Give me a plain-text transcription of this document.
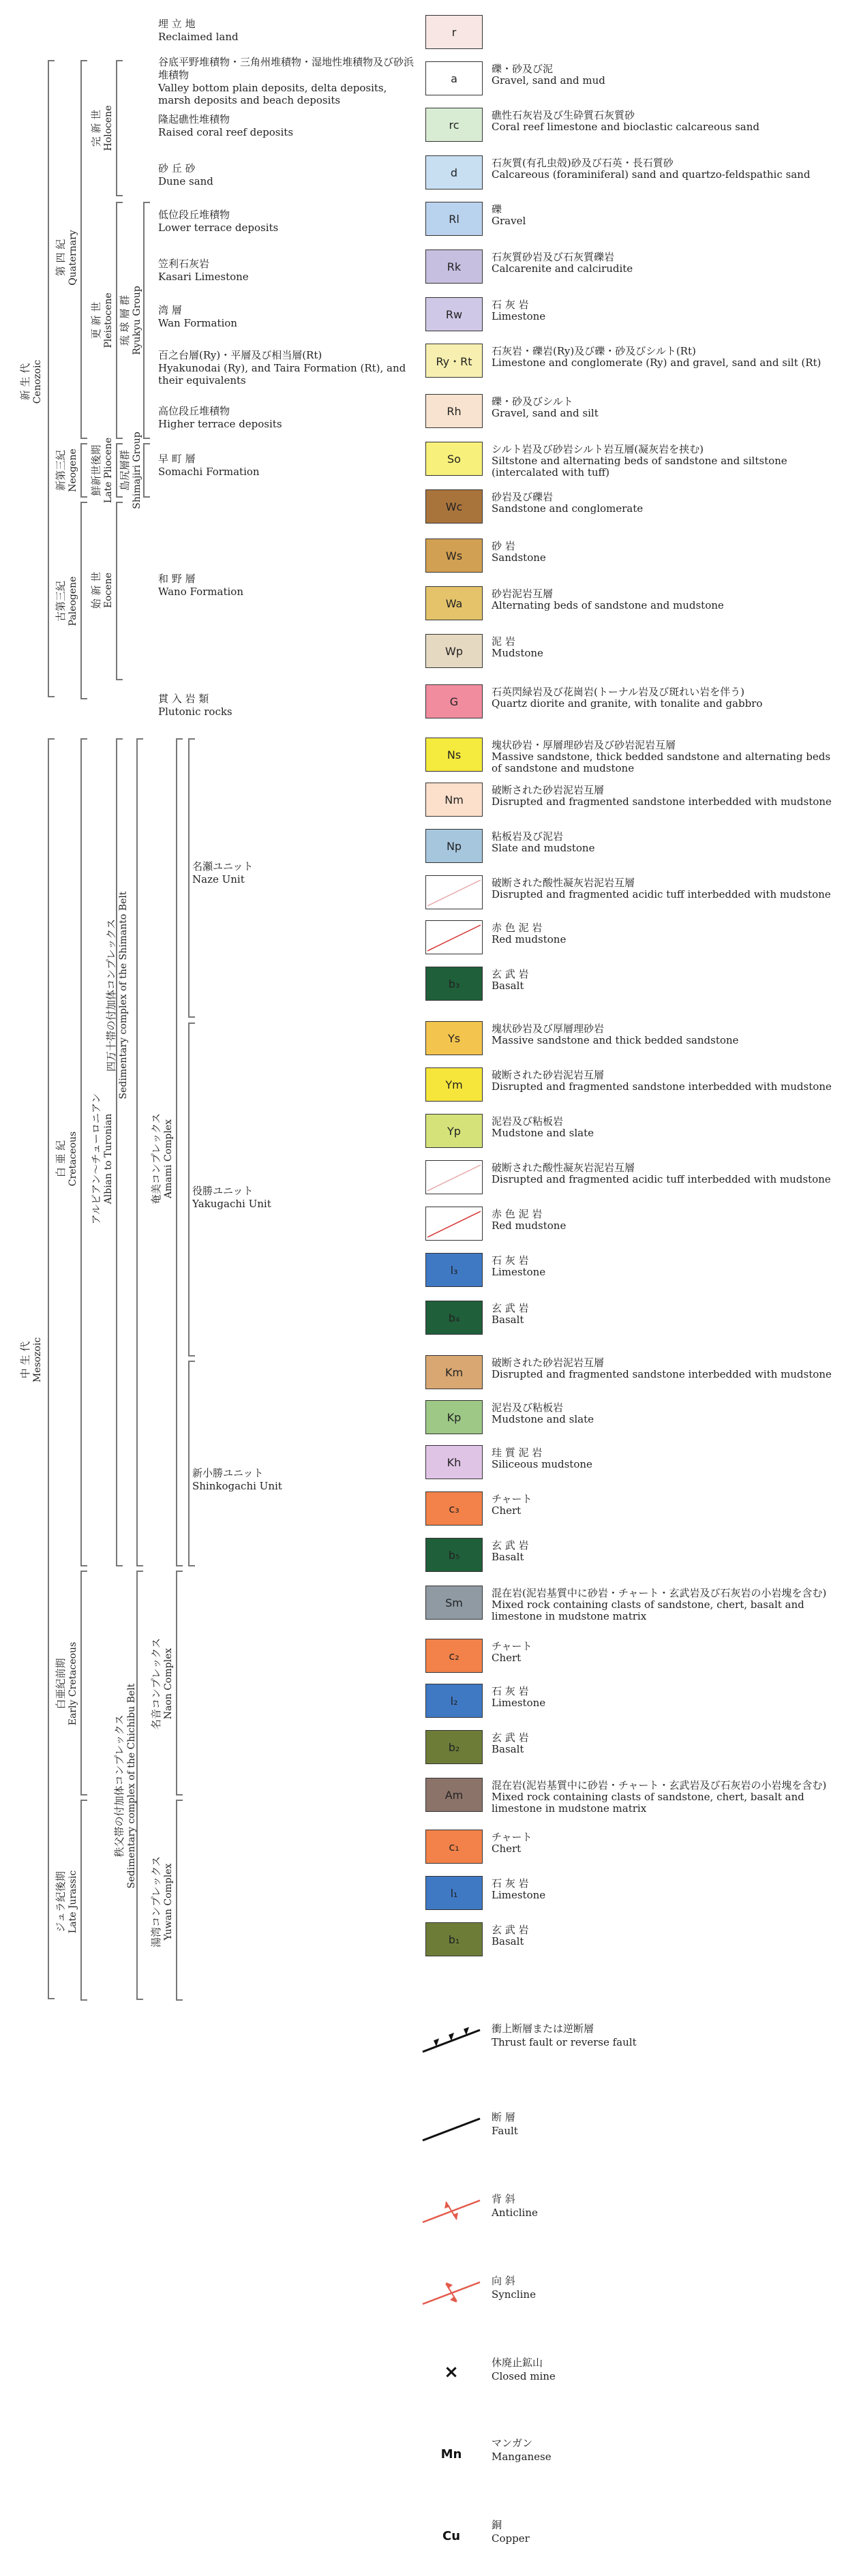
新 生 代 Cenozoic
中 生 代 Mesozoic
第 四 紀 Quaternary
新第三紀 Neogene
古第三紀 Paleogene
白 亜 紀 Cretaceous
白亜紀前期 Early Cretaceous
ジュラ紀後期 Late Jurassic
完 新 世 Holocene
更 新 世 Pleistocene
鮮新世後期 Late Pliocene
始 新 世 Eocene
アルビアン〜チューロニアン Albian to Turonian
琉 球 層 群 Ryukyu Group
島尻層群 Shimajiri Group
四万十帯の付加体コンプレックス Sedimentary complex of the Shimanto Belt
奄美コンプレックス Amami Complex
秩父帯の付加体コンプレックス Sedimentary complex of the Chichibu Belt 名音コンプレックス Naon Complex
湯湾コンプレックス Yuwan Complex
埋 立 地
Reclaimed land
谷底平野堆積物・三角州堆積物・湿地性堆積物及び砂浜堆積物
Valley bottom plain deposits, delta deposits, marsh deposits and beach deposits
隆起礁性堆積物
Raised coral reef deposits
砂 丘 砂
Dune sand
低位段丘堆積物
Lower terrace deposits
笠利石灰岩
Kasari Limestone
湾 層
Wan Formation
百之台層(Ry)・平層及び相当層(Rt)
Hyakunodai (Ry), and Taira Formation (Rt), and their equivalents
高位段丘堆積物
Higher terrace deposits
早 町 層
Somachi Formation
和 野 層
Wano Formation
貫 入 岩 類
Plutonic rocks
名瀬ユニット
Naze Unit
役勝ユニット
Yakugachi Unit
新小勝ユニット
Shinkogachi Unit
r
a
礫・砂及び泥
Gravel, sand and mud
rc
礁性石灰岩及び生砕質石灰質砂
Coral reef limestone and bioclastic calcareous sand
d
石灰質(有孔虫殻)砂及び石英・長石質砂
Calcareous (foraminiferal) sand and quartzo-feldspathic sand
Rl
礫
Gravel
Rk
石灰質砂岩及び石灰質礫岩
Calcarenite and calcirudite
Rw
石 灰 岩
Limestone
Ry・Rt
石灰岩・礫岩(Ry)及び礫・砂及びシルト(Rt)
Limestone and conglomerate (Ry) and gravel, sand and silt (Rt)
Rh
礫・砂及びシルト
Gravel, sand and silt
So
シルト岩及び砂岩シルト岩互層(凝灰岩を挟む)
Siltstone and alternating beds of sandstone and siltstone (intercalated with tuff)
Wc
砂岩及び礫岩
Sandstone and conglomerate
Ws
砂 岩
Sandstone
Wa
砂岩泥岩互層
Alternating beds of sandstone and mudstone
Wp
泥 岩
Mudstone
G
石英閃緑岩及び花崗岩(トーナル岩及び斑れい岩を伴う)
Quartz diorite and granite, with tonalite and gabbro
Ns
塊状砂岩・厚層理砂岩及び砂岩泥岩互層
Massive sandstone, thick bedded sandstone and alternating beds of sandstone and mudstone
Nm
破断された砂岩泥岩互層
Disrupted and fragmented sandstone interbedded with mudstone
Np
粘板岩及び泥岩
Slate and mudstone
破断された酸性凝灰岩泥岩互層
Disrupted and fragmented acidic tuff interbedded with mudstone
赤 色 泥 岩
Red mudstone
b₃
玄 武 岩
Basalt
Ys
塊状砂岩及び厚層理砂岩
Massive sandstone and thick bedded sandstone
Ym
破断された砂岩泥岩互層
Disrupted and fragmented sandstone interbedded with mudstone
Yp
泥岩及び粘板岩
Mudstone and slate
破断された酸性凝灰岩泥岩互層
Disrupted and fragmented acidic tuff interbedded with mudstone
赤 色 泥 岩
Red mudstone
l₃
石 灰 岩
Limestone
b₄
玄 武 岩
Basalt
Km
破断された砂岩泥岩互層
Disrupted and fragmented sandstone interbedded with mudstone
Kp
泥岩及び粘板岩
Mudstone and slate
Kh
珪 質 泥 岩
Siliceous mudstone
c₃
チャート
Chert
b₅
玄 武 岩
Basalt
Sm
混在岩(泥岩基質中に砂岩・チャート・玄武岩及び石灰岩の小岩塊を含む)
Mixed rock containing clasts of sandstone, chert, basalt and limestone in mudstone matrix
c₂
チャート
Chert
l₂
石 灰 岩
Limestone
b₂
玄 武 岩
Basalt
Am
混在岩(泥岩基質中に砂岩・チャート・玄武岩及び石灰岩の小岩塊を含む)
Mixed rock containing clasts of sandstone, chert, basalt and limestone in mudstone matrix
c₁
チャート
Chert
l₁
石 灰 岩
Limestone
b₁
玄 武 岩
Basalt
衝上断層または逆断層
Thrust fault or reverse fault
断 層
Fault
背 斜
Anticline
向 斜
Syncline
×	休廃止鉱山
Closed mine
Mn
マンガン
Manganese
Cu
銅
Copper
